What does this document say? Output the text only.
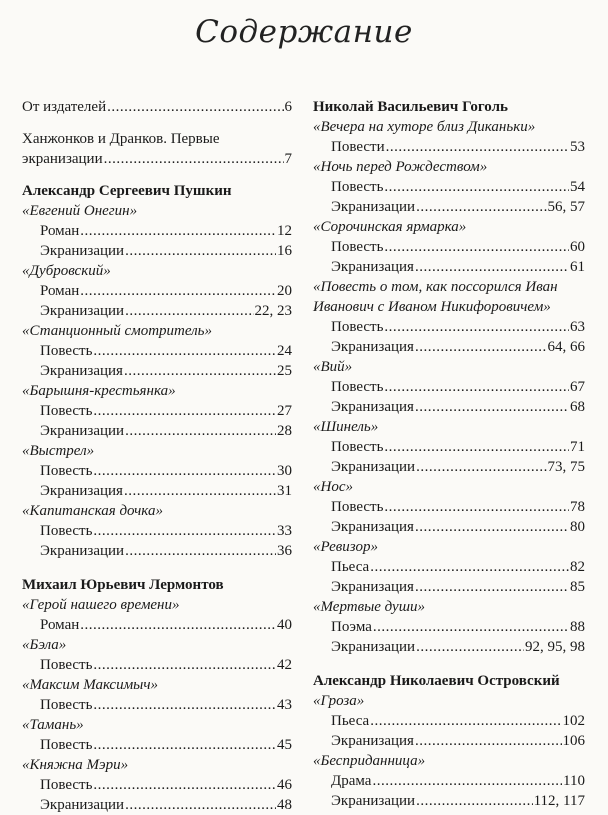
Содержание
От издателей .....	6
Ханжонков и Дранков. Первые
экранизации .....	7
Александр Сергеевич Пушкин
«Евгений Онегин»
Роман .....	12
Экранизации .....	16
«Дубровский»
Роман .....	20
Экранизации .....	22, 23
«Станционный смотритель»
Повесть .....	24
Экранизация .....	25
«Барышня-крестьянка»
Повесть .....	27
Экранизации .....	28
«Выстрел»
Повесть .....	30
Экранизация .....	31
«Капитанская дочка»
Повесть .....	33
Экранизации .....	36
Михаил Юрьевич Лермонтов
«Герой нашего времени»
Роман .....	40
«Бэла»
Повесть .....	42
«Максим Максимыч»
Повесть .....	43
«Тамань»
Повесть .....	45
«Княжна Мэри»
Повесть .....	46
Экранизации .....	48
Николай Васильевич Гоголь
«Вечера на хуторе близ Диканьки»
Повести .....	53
«Ночь перед Рождеством»
Повесть .....	54
Экранизации .....	56, 57
«Сорочинская ярмарка»
Повесть .....	60
Экранизация .....	61
«Повесть о том, как поссорился Иван
Иванович с Иваном Никифоровичем»
Повесть .....	63
Экранизация .....	64, 66
«Вий»
Повесть .....	67
Экранизация .....	68
«Шинель»
Повесть .....	71
Экранизации .....	73, 75
«Нос»
Повесть .....	78
Экранизация .....	80
«Ревизор»
Пьеса .....	82
Экранизация .....	85
«Мертвые души»
Поэма .....	88
Экранизации .....	92, 95, 98
Александр Николаевич Островский
«Гроза»
Пьеса .....	102
Экранизация .....	106
«Бесприданница»
Драма .....	110
Экранизации .....	112, 117
